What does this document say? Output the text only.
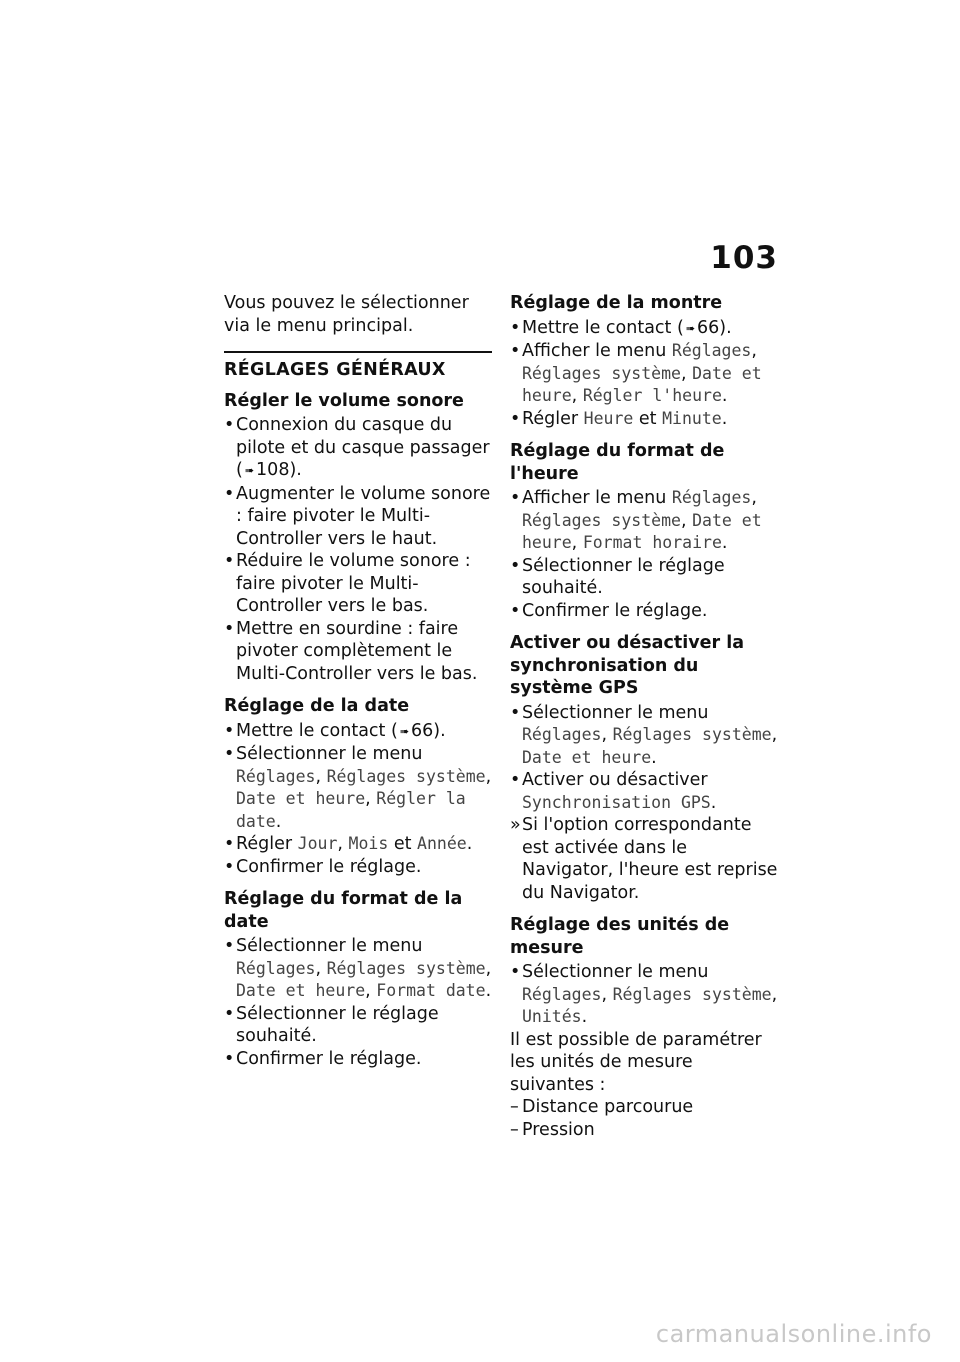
103

Vous pouvez le sélectionner via le menu principal.

RÉGLAGES GÉNÉRAUX
Régler le volume sonore
• Connexion du casque du pilote et du casque passager ( ➠ 108).
• Augmenter le volume sonore : faire pivoter le Multi-Controller vers le haut.
• Réduire le volume sonore : faire pivoter le Multi-Controller vers le bas.
• Mettre en sourdine : faire pivoter complètement le Multi-Controller vers le bas.
Réglage de la date
• Mettre le contact ( ➠ 66).
• Sélectionner le menu Réglages, Réglages système, Date et heure, Régler la date.
• Régler Jour, Mois et Année.
• Confirmer le réglage.
Réglage du format de la date
• Sélectionner le menu Réglages, Réglages système, Date et heure, Format date.
• Sélectionner le réglage souhaité.
• Confirmer le réglage.
Réglage de la montre
• Mettre le contact ( ➠ 66).
• Afficher le menu Réglages, Réglages système, Date et heure, Régler l'heure.
• Régler Heure et Minute.
Réglage du format de l'heure
• Afficher le menu Réglages, Réglages système, Date et heure, Format horaire.
• Sélectionner le réglage souhaité.
• Confirmer le réglage.
Activer ou désactiver la synchronisation du système GPS
• Sélectionner le menu Réglages, Réglages système, Date et heure.
• Activer ou désactiver Synchronisation GPS.

» Si l'option correspondante est activée dans le Navigator, l'heure est reprise du Navigator.

Réglage des unités de mesure
• Sélectionner le menu Réglages, Réglages système, Unités.

Il est possible de paramétrer les unités de mesure suivantes :

– Distance parcourue
– Pression
carmanualsonline.info
